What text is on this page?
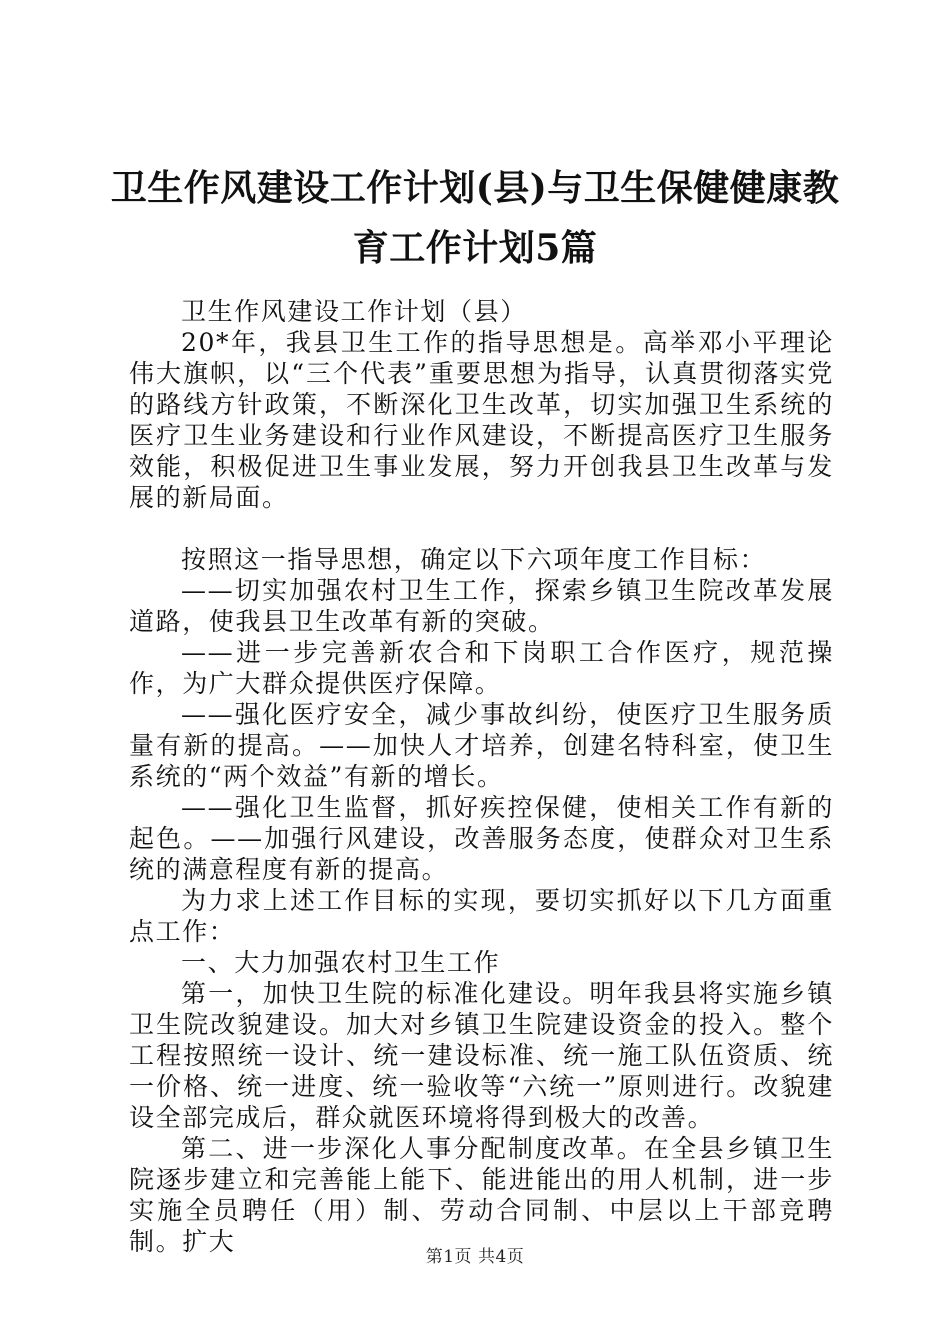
卫生作风建设工作计划(县)与卫生保健健康教
育工作计划5篇

卫生作风建设工作计划（县）

20*年，我县卫生工作的指导思想是。高举邓小平理论伟大旗帜，以“三个代表”重要思想为指导，认真贯彻落实党的路线方针政策，不断深化卫生改革，切实加强卫生系统的医疗卫生业务建设和行业作风建设，不断提高医疗卫生服务效能，积极促进卫生事业发展，努力开创我县卫生改革与发展的新局面。

按照这一指导思想，确定以下六项年度工作目标：

——切实加强农村卫生工作，探索乡镇卫生院改革发展道路，使我县卫生改革有新的突破。

——进一步完善新农合和下岗职工合作医疗，规范操作，为广大群众提供医疗保障。

——强化医疗安全，减少事故纠纷，使医疗卫生服务质量有新的提高。——加快人才培养，创建名特科室，使卫生系统的“两个效益”有新的增长。

——强化卫生监督，抓好疾控保健，使相关工作有新的起色。——加强行风建设，改善服务态度，使群众对卫生系统的满意程度有新的提高。

为力求上述工作目标的实现，要切实抓好以下几方面重点工作：

一、大力加强农村卫生工作

第一，加快卫生院的标准化建设。明年我县将实施乡镇卫生院改貌建设。加大对乡镇卫生院建设资金的投入。整个工程按照统一设计、统一建设标准、统一施工队伍资质、统一价格、统一进度、统一验收等“六统一”原则进行。改貌建设全部完成后，群众就医环境将得到极大的改善。

第二、进一步深化人事分配制度改革。在全县乡镇卫生院逐步建立和完善能上能下、能进能出的用人机制，进一步实施全员聘任（用）制、劳动合同制、中层以上干部竞聘制。扩大

第1页 共4页
